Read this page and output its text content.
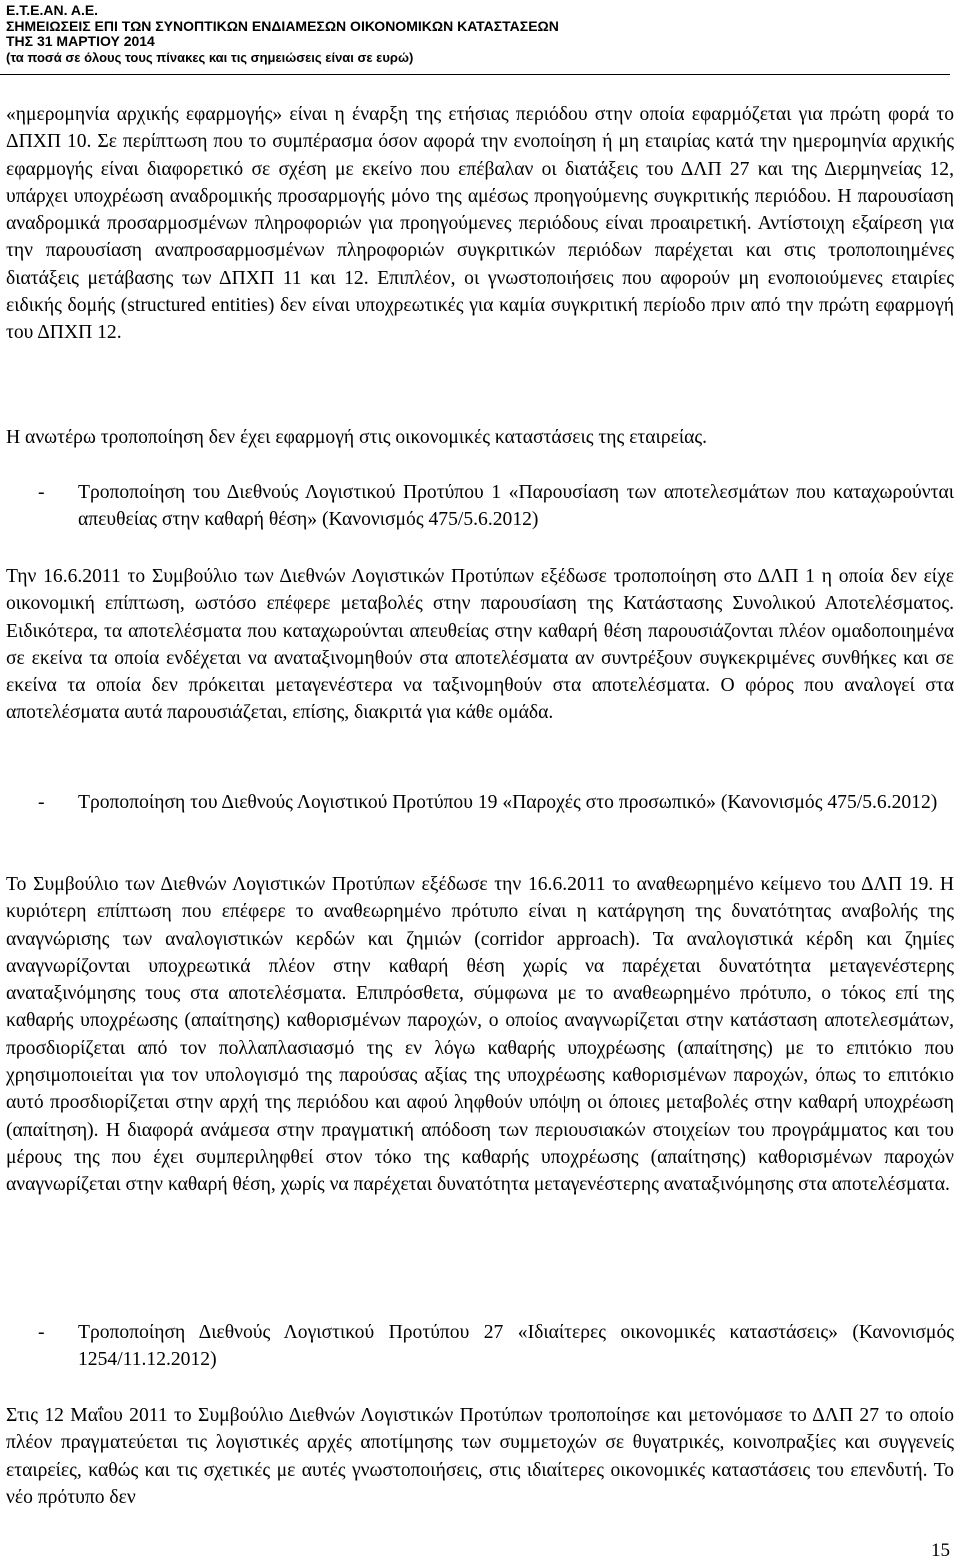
Ε.Τ.Ε.ΑΝ. Α.Ε.
ΣΗΜΕΙΩΣΕΙΣ ΕΠΙ ΤΩΝ ΣΥΝΟΠΤΙΚΩΝ ΕΝΔΙΑΜΕΣΩΝ ΟΙΚΟΝΟΜΙΚΩΝ ΚΑΤΑΣΤΑΣΕΩΝ
ΤΗΣ 31 ΜΑΡΤΙΟΥ 2014
(τα ποσά σε όλους τους πίνακες και τις σημειώσεις είναι σε ευρώ)

«ημερομηνία αρχικής εφαρμογής» είναι η έναρξη της ετήσιας περιόδου στην οποία εφαρμόζεται για πρώτη φορά το ΔΠΧΠ 10. Σε περίπτωση που το συμπέρασμα όσον αφορά την ενοποίηση ή μη εταιρίας κατά την ημερομηνία αρχικής εφαρμογής είναι διαφορετικό σε σχέση με εκείνο που επέβαλαν οι διατάξεις του ΔΛΠ 27 και της Διερμηνείας 12, υπάρχει υποχρέωση αναδρομικής προσαρμογής μόνο της αμέσως προηγούμενης συγκριτικής περιόδου. Η παρουσίαση αναδρομικά προσαρμοσμένων πληροφοριών για προηγούμενες περιόδους είναι προαιρετική. Αντίστοιχη εξαίρεση για την παρουσίαση αναπροσαρμοσμένων πληροφοριών συγκριτικών περιόδων παρέχεται και στις τροποποιημένες διατάξεις μετάβασης των ΔΠΧΠ 11 και 12. Επιπλέον, οι γνωστοποιήσεις που αφορούν μη ενοποιούμενες εταιρίες ειδικής δομής (structured entities) δεν είναι υποχρεωτικές για καμία συγκριτική περίοδο πριν από την πρώτη εφαρμογή του ΔΠΧΠ 12.

Η ανωτέρω τροποποίηση δεν έχει εφαρμογή στις οικονομικές καταστάσεις της εταιρείας.

- Τροποποίηση του Διεθνούς Λογιστικού Προτύπου 1 «Παρουσίαση των αποτελεσμάτων που καταχωρούνται απευθείας στην καθαρή θέση» (Κανονισμός 475/5.6.2012)

Την 16.6.2011 το Συμβούλιο των Διεθνών Λογιστικών Προτύπων εξέδωσε τροποποίηση στο ΔΛΠ 1 η οποία δεν είχε οικονομική επίπτωση, ωστόσο επέφερε μεταβολές στην παρουσίαση της Κατάστασης Συνολικού Αποτελέσματος. Ειδικότερα, τα αποτελέσματα που καταχωρούνται απευθείας στην καθαρή θέση παρουσιάζονται πλέον ομαδοποιημένα σε εκείνα τα οποία ενδέχεται να αναταξινομηθούν στα αποτελέσματα αν συντρέξουν συγκεκριμένες συνθήκες και σε εκείνα τα οποία δεν πρόκειται μεταγενέστερα να ταξινομηθούν στα αποτελέσματα. Ο φόρος που αναλογεί στα αποτελέσματα αυτά παρουσιάζεται, επίσης, διακριτά για κάθε ομάδα.

- Τροποποίηση του Διεθνούς Λογιστικού Προτύπου 19 «Παροχές στο προσωπικό» (Κανονισμός 475/5.6.2012)

Το Συμβούλιο των Διεθνών Λογιστικών Προτύπων εξέδωσε την 16.6.2011 το αναθεωρημένο κείμενο του ΔΛΠ 19. Η κυριότερη επίπτωση που επέφερε το αναθεωρημένο πρότυπο είναι η κατάργηση της δυνατότητας αναβολής της αναγνώρισης των αναλογιστικών κερδών και ζημιών (corridor approach). Τα αναλογιστικά κέρδη και ζημίες αναγνωρίζονται υποχρεωτικά πλέον στην καθαρή θέση χωρίς να παρέχεται δυνατότητα μεταγενέστερης αναταξινόμησης τους στα αποτελέσματα. Επιπρόσθετα, σύμφωνα με το αναθεωρημένο πρότυπο, ο τόκος επί της καθαρής υποχρέωσης (απαίτησης) καθορισμένων παροχών, ο οποίος αναγνωρίζεται στην κατάσταση αποτελεσμάτων, προσδιορίζεται από τον πολλαπλασιασμό της εν λόγω καθαρής υποχρέωσης (απαίτησης) με το επιτόκιο που χρησιμοποιείται για τον υπολογισμό της παρούσας αξίας της υποχρέωσης καθορισμένων παροχών, όπως το επιτόκιο αυτό προσδιορίζεται στην αρχή της περιόδου και αφού ληφθούν υπόψη οι όποιες μεταβολές στην καθαρή υποχρέωση (απαίτηση). Η διαφορά ανάμεσα στην πραγματική απόδοση των περιουσιακών στοιχείων του προγράμματος και του μέρους της που έχει συμπεριληφθεί στον τόκο της καθαρής υποχρέωσης (απαίτησης) καθορισμένων παροχών αναγνωρίζεται στην καθαρή θέση, χωρίς να παρέχεται δυνατότητα μεταγενέστερης αναταξινόμησης στα αποτελέσματα.

- Τροποποίηση Διεθνούς Λογιστικού Προτύπου 27 «Ιδιαίτερες οικονομικές καταστάσεις» (Κανονισμός 1254/11.12.2012)

Στις 12 Μαΐου 2011 το Συμβούλιο Διεθνών Λογιστικών Προτύπων τροποποίησε και μετονόμασε το ΔΛΠ 27 το οποίο πλέον πραγματεύεται τις λογιστικές αρχές αποτίμησης των συμμετοχών σε θυγατρικές, κοινοπραξίες και συγγενείς εταιρείες, καθώς και τις σχετικές με αυτές γνωστοποιήσεις, στις ιδιαίτερες οικονομικές καταστάσεις του επενδυτή. Το νέο πρότυπο δεν

15
